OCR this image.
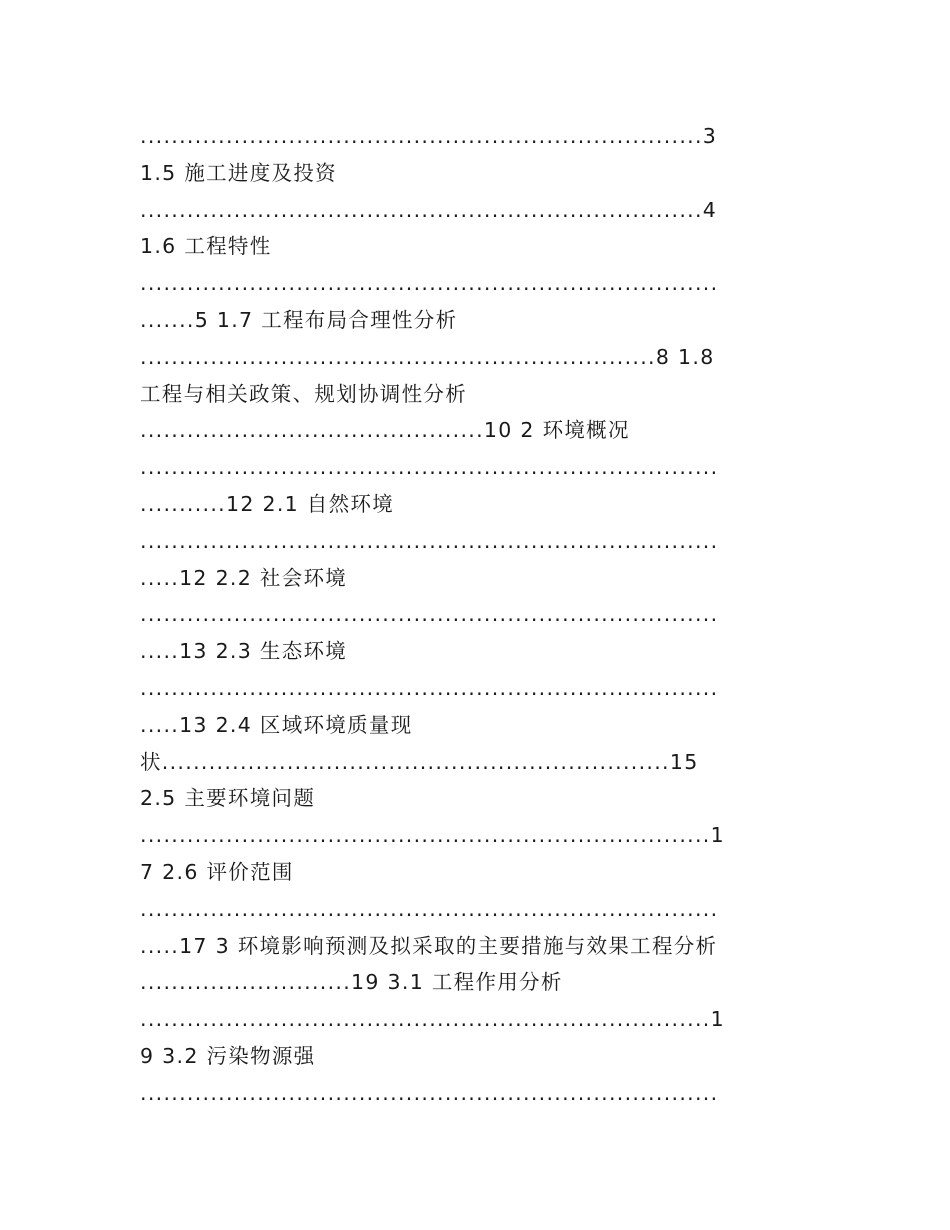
........................................................................3
1.5 施工进度及投资
........................................................................4
1.6 工程特性
..........................................................................
.......5 1.7 工程布局合理性分析
..................................................................8 1.8
工程与相关政策、规划协调性分析
............................................10 2 环境概况
..........................................................................
...........12 2.1 自然环境
..........................................................................
.....12 2.2 社会环境
..........................................................................
.....13 2.3 生态环境
..........................................................................
.....13 2.4 区域环境质量现
状.................................................................15
2.5 主要环境问题
.........................................................................1
7 2.6 评价范围
..........................................................................
.....17 3 环境影响预测及拟采取的主要措施与效果工程分析
...........................19 3.1 工程作用分析
.........................................................................1
9 3.2 污染物源强
..........................................................................
